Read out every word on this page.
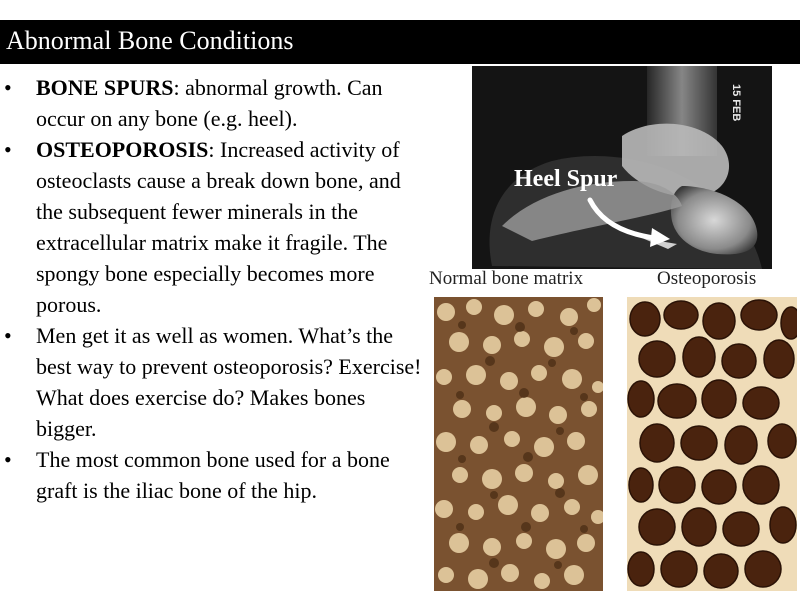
Abnormal Bone Conditions
• BONE SPURS: abnormal growth. Can occur on any bone (e.g. heel).
• OSTEOPOROSIS: Increased activity of osteoclasts cause a break down bone, and the subsequent fewer minerals in the extracellular matrix make it fragile. The spongy bone especially becomes more porous.
• Men get it as well as women. What’s the best way to prevent osteoporosis? Exercise! What does exercise do? Makes bones bigger.
• The most common bone used for a bone graft is the iliac bone of the hip.
Heel Spur
15 FEB
Normal bone matrix	Osteoporosis
